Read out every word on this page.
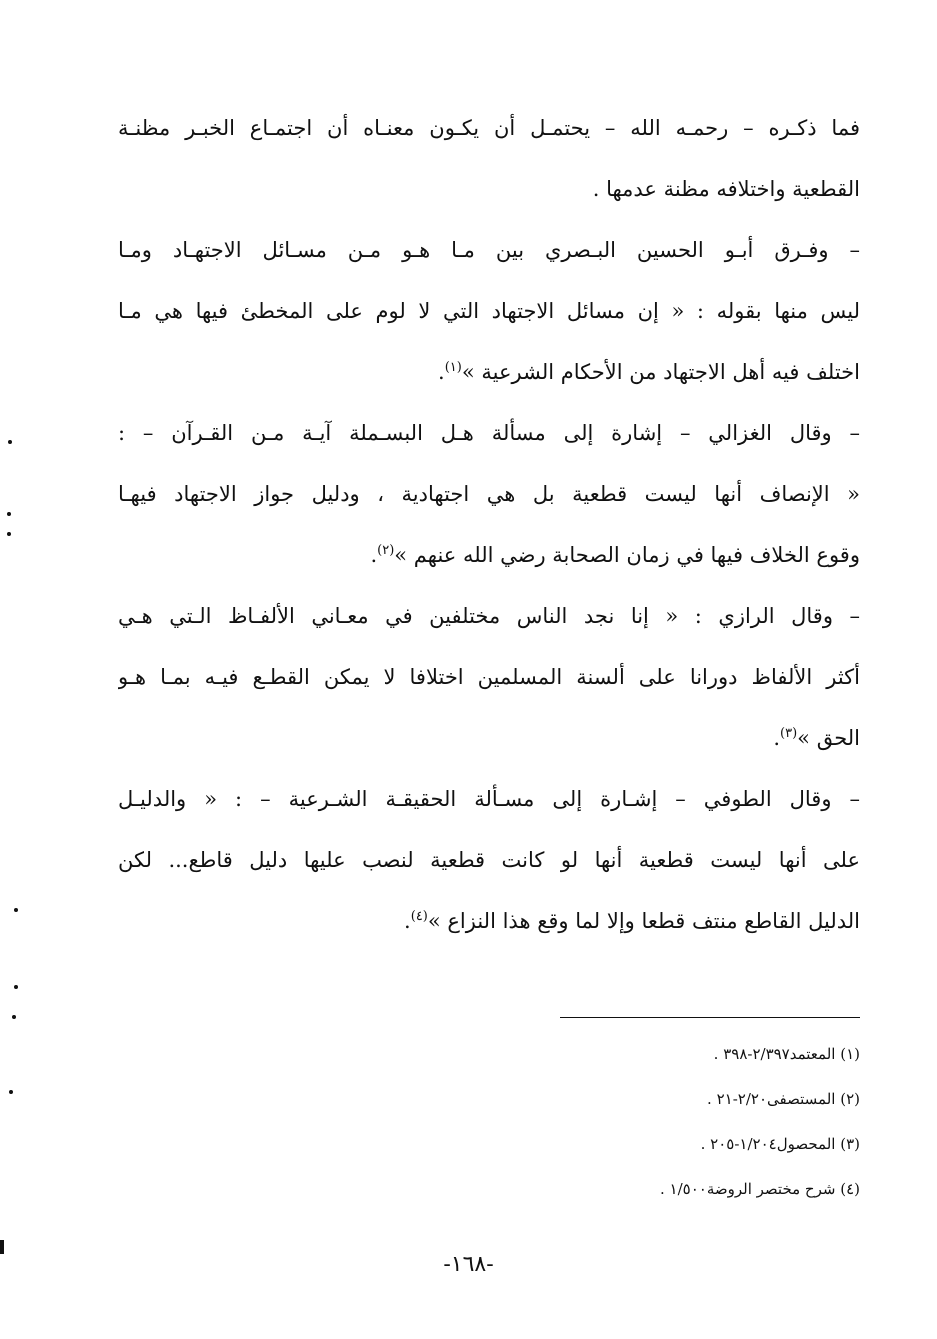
فما ذكـره – رحمـه الله – يحتمـل أن يكـون معنـاه أن اجتمـاع الخبـر مظنـة
القطعية واختلافه مظنة عدمها .
– وفـرق أبـو الحسين البـصري بين مـا هـو مـن مسـائل الاجتهـاد ومـا
ليس منها بقوله : « إن مسائل الاجتهاد التي لا لوم على المخطئ فيها هي مـا
اختلف فيه أهل الاجتهاد من الأحكام الشرعية »$^{(١)}$.
– وقال الغزالي – إشارة إلى مسألة هـل البسـملة آيـة مـن القـرآن – :
« الإنصاف أنها ليست قطعية بل هي اجتهادية ، ودليل جواز الاجتهاد فيهـا
وقوع الخلاف فيها في زمان الصحابة رضي الله عنهم »$^{(٢)}$.
– وقال الرازي : « إنا نجد الناس مختلفين في معـاني الألفـاظ الـتي هـي
أكثر الألفاظ دورانا على ألسنة المسلمين اختلافا لا يمكن القطـع فيـه بمـا هـو
الحق »$^{(٣)}$.
– وقال الطوفي – إشـارة إلى مسـألة الحقيقـة الشـرعية – : « والدليـل
على أنها ليست قطعية أنها لو كانت قطعية لنصب عليها دليل قاطع... لكن
الدليل القاطع منتف قطعا وإلا لما وقع هذا النزاع »$^{(٤)}$.
(١) المعتمد٢/٣٩٧-٣٩٨ .
(٢) المستصفى٢/٢٠-٢١ .
(٣) المحصول١/٢٠٤-٢٠٥ .
(٤) شرح مختصر الروضة١/٥٠٠ .
-١٦٨-
